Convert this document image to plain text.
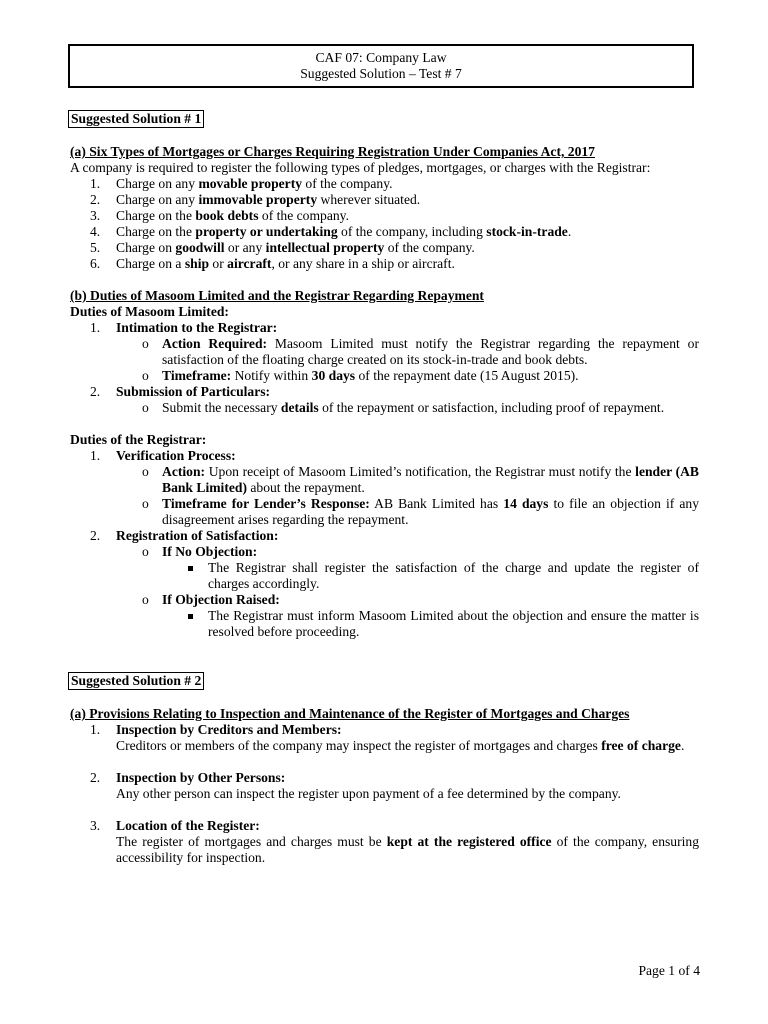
CAF 07: Company Law
Suggested Solution – Test # 7
Suggested Solution # 1
(a) Six Types of Mortgages or Charges Requiring Registration Under Companies Act, 2017

A company is required to register the following types of pledges, mortgages, or charges with the Registrar:

1. Charge on any movable property of the company.
2. Charge on any immovable property wherever situated.
3. Charge on the book debts of the company.
4. Charge on the property or undertaking of the company, including stock-in-trade.
5. Charge on goodwill or any intellectual property of the company.
6. Charge on a ship or aircraft, or any share in a ship or aircraft.
(b) Duties of Masoom Limited and the Registrar Regarding Repayment
Duties of Masoom Limited:
1. Intimation to the Registrar:
o Action Required: Masoom Limited must notify the Registrar regarding the repayment or satisfaction of the floating charge created on its stock-in-trade and book debts.
o Timeframe: Notify within 30 days of the repayment date (15 August 2015).
2. Submission of Particulars:
o Submit the necessary details of the repayment or satisfaction, including proof of repayment.
Duties of the Registrar:
1. Verification Process:
o Action: Upon receipt of Masoom Limited’s notification, the Registrar must notify the lender (AB Bank Limited) about the repayment.
o Timeframe for Lender’s Response: AB Bank Limited has 14 days to file an objection if any disagreement arises regarding the repayment.
2. Registration of Satisfaction:
o If No Objection:
The Registrar shall register the satisfaction of the charge and update the register of charges accordingly.
o If Objection Raised:
The Registrar must inform Masoom Limited about the objection and ensure the matter is resolved before proceeding.
Suggested Solution # 2
(a) Provisions Relating to Inspection and Maintenance of the Register of Mortgages and Charges
1. Inspection by Creditors and Members:
Creditors or members of the company may inspect the register of mortgages and charges free of charge.
2. Inspection by Other Persons:
Any other person can inspect the register upon payment of a fee determined by the company.
3. Location of the Register:
The register of mortgages and charges must be kept at the registered office of the company, ensuring accessibility for inspection.
Page 1 of 4
